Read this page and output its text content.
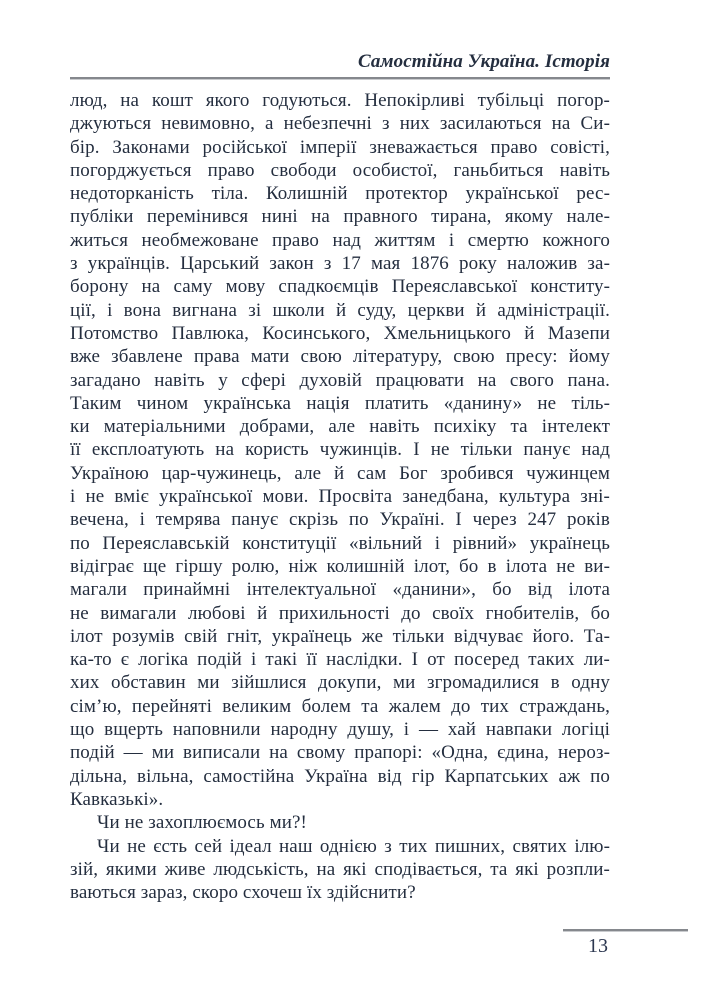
Самостійна Україна. Історія
люд, на кошт якого годуються. Непокірливі тубільці погор-
джуються невимовно, а небезпечні з них засилаються на Си-
бір. Законами російської імперії зневажається право совісті,
погорджується право свободи особистої, ганьбиться навіть
недоторканість тіла. Колишній протектор української рес-
публіки перемінився нині на правного тирана, якому нале-
житься необмежоване право над життям і смертю кожного
з українців. Царський закон з 17 мая 1876 року наложив за-
борону на саму мову спадкоємців Переяславської конститу-
ції, і вона вигнана зі школи й суду, церкви й адміністрації.
Потомство Павлюка, Косинського, Хмельницького й Мазепи
вже збавлене права мати свою літературу, свою пресу: йому
загадано навіть у сфері духовій працювати на свого пана.
Таким чином українська нація платить «данину» не тіль-
ки матеріальними добрами, але навіть психіку та інтелект
її експлоатують на користь чужинців. І не тільки панує над
Україною цар-чужинець, але й сам Бог зробився чужинцем
і не вміє української мови. Просвіта занедбана, культура зні-
вечена, і темрява панує скрізь по Україні. І через 247 років
по Переяславській конституції «вільний і рівний» українець
відіграє ще гіршу ролю, ніж колишній ілот, бо в ілота не ви-
магали принаймні інтелектуальної «данини», бо від ілота
не вимагали любові й прихильності до своїх гнобителів, бо
ілот розумів свій гніт, українець же тільки відчуває його. Та-
ка-то є логіка подій і такі її наслідки. І от посеред таких ли-
хих обставин ми зійшлися докупи, ми згромадилися в одну
сім’ю, перейняті великим болем та жалем до тих страждань,
що вщерть наповнили народну душу, і — хай навпаки логіці
подій — ми виписали на свому прапорі: «Одна, єдина, нероз-
дільна, вільна, самостійна Україна від гір Карпатських аж по
Кавказькі».
Чи не захоплюємось ми?!
Чи не єсть сей ідеал наш однією з тих пишних, святих ілю-
зій, якими живе людськість, на які сподівається, та які розпли-
ваються зараз, скоро схочеш їх здійснити?
13
